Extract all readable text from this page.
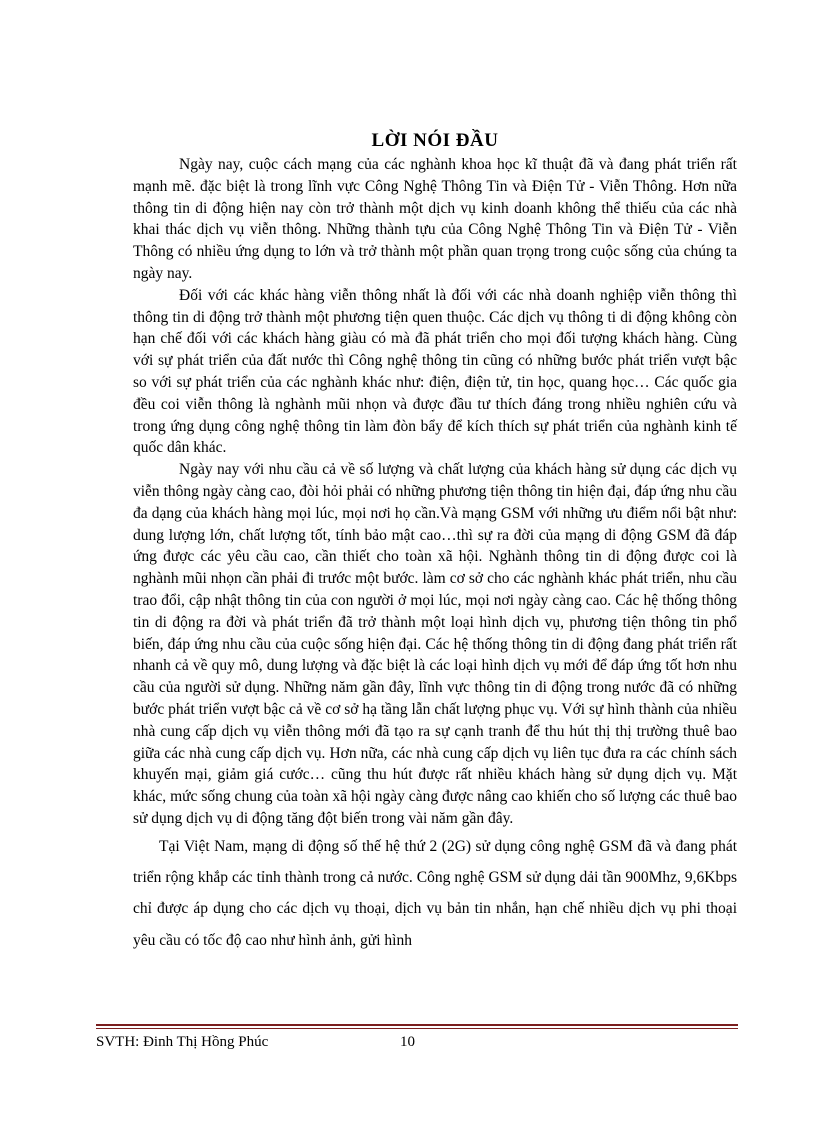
LỜI NÓI ĐẦU

Ngày nay, cuộc cách mạng của các nghành khoa học kĩ thuật đã và đang phát triển rất mạnh mẽ. đặc biệt là trong lĩnh vực Công Nghệ Thông Tin và Điện Tử - Viễn Thông. Hơn nữa thông tin di động hiện nay còn trở thành một dịch vụ kinh doanh không thể thiếu của các nhà khai thác dịch vụ viễn thông. Những thành tựu của Công Nghệ Thông Tin và Điện Tử - Viễn Thông có nhiều ứng dụng to lớn và trở thành một phần quan trọng trong cuộc sống của chúng ta ngày nay.

Đối với các khác hàng viễn thông nhất là đối với các nhà doanh nghiệp viễn thông thì thông tin di động trở thành một phương tiện quen thuộc. Các dịch vụ thông ti di động không còn hạn chế đối với các khách hàng giàu có mà đã phát triển cho mọi đối tượng khách hàng. Cùng với sự phát triển của đất nước thì Công nghệ thông tin cũng có những bước phát triển vượt bậc so với sự phát triển của các nghành khác như: điện, điện tử, tin học, quang học… Các quốc gia đều coi viễn thông là nghành mũi nhọn và được đầu tư thích đáng trong nhiều nghiên cứu và trong ứng dụng công nghệ thông tin làm đòn bẩy để kích thích sự phát triển của nghành kinh tế quốc dân khác.

Ngày nay với nhu cầu cả về số lượng và chất lượng của khách hàng sử dụng các dịch vụ viễn thông ngày càng cao, đòi hỏi phải có những phương tiện thông tin hiện đại, đáp ứng nhu cầu đa dạng của khách hàng mọi lúc, mọi nơi họ cần.Và mạng GSM với những ưu điểm nổi bật như: dung lượng lớn, chất lượng tốt, tính bảo mật cao…thì sự ra đời của mạng di động GSM đã đáp ứng được các yêu cầu cao, cần thiết cho toàn xã hội. Nghành thông tin di động được coi là nghành mũi nhọn cần phải đi trước một bước. làm cơ sở cho các nghành khác phát triển, nhu cầu trao đổi, cập nhật thông tin của con người ở mọi lúc, mọi nơi ngày càng cao. Các hệ thống thông tin di động ra đời và phát triển đã trở thành một loại hình dịch vụ, phương tiện thông tin phổ biến, đáp ứng nhu cầu của cuộc sống hiện đại. Các hệ thống thông tin di động đang phát triển rất nhanh cả về quy mô, dung lượng và đặc biệt là các loại hình dịch vụ mới để đáp ứng tốt hơn nhu cầu của người sử dụng. Những năm gần đây, lĩnh vực thông tin di động trong nước đã có những bước phát triển vượt bậc cả về cơ sở hạ tầng lẫn chất lượng phục vụ. Với sự hình thành của nhiều nhà cung cấp dịch vụ viễn thông mới đã tạo ra sự cạnh tranh để thu hút thị thị trường thuê bao giữa các nhà cung cấp dịch vụ. Hơn nữa, các nhà cung cấp dịch vụ liên tục đưa ra các chính sách khuyến mại, giảm giá cước… cũng thu hút được rất nhiều khách hàng sử dụng dịch vụ. Mặt khác, mức sống chung của toàn xã hội ngày càng được nâng cao khiến cho số lượng các thuê bao sử dụng dịch vụ di động tăng đột biến trong vài năm gần đây.

Tại Việt Nam, mạng di động số thế hệ thứ 2 (2G) sử dụng công nghệ GSM đã và đang phát triển rộng khắp các tỉnh thành trong cả nước. Công nghệ GSM sử dụng dải tần 900Mhz, 9,6Kbps chỉ được áp dụng cho các dịch vụ thoại, dịch vụ bản tin nhắn, hạn chế nhiều dịch vụ phi thoại yêu cầu có tốc độ cao như hình ảnh, gửi hình

SVTH: Đinh Thị Hồng Phúc	10
